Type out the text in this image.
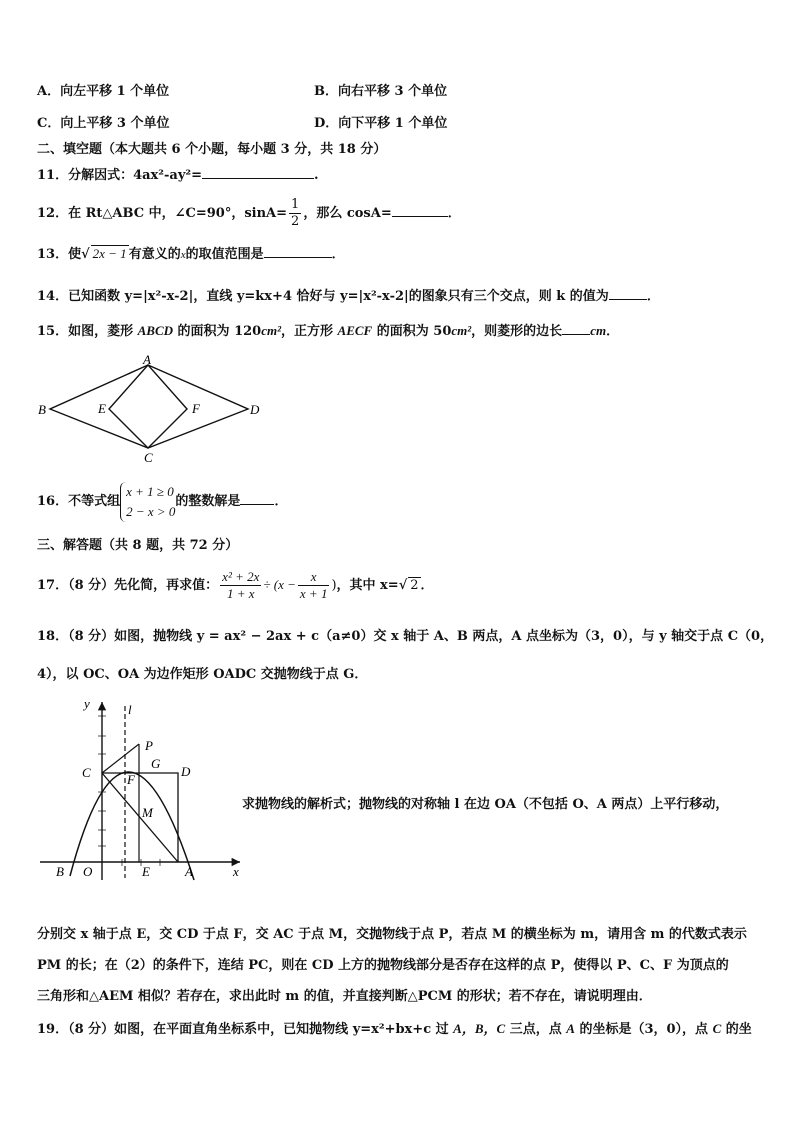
A．向左平移 1 个单位	B．向右平移 3 个单位
C．向上平移 3 个单位	D．向下平移 1 个单位
二、填空题（本大题共 6 个小题，每小题 3 分，共 18 分）
11．分解因式：4ax²-ay²=	.
12．在 Rt△ABC 中，∠C=90°，$\sin A= \frac{1}{2}$ ，那么 cosA=	．
13．使√ 2x − 1 有意义的x的取值范围是	．
14．已知函数 y=|x²-x-2|，直线 y=kx+4 恰好与 y=|x²-x-2|的图象只有三个交点，则 k 的值为	．
15．如图，菱形 ABCD 的面积为 120cm²，正方形 AECF 的面积为 50cm²，则菱形的边长 cm．
A
B
C
D
E	F
16．不等式组
x + 1 ≥ 0
2 − x > 0
的整数解是	．
三、解答题（共 8 题，共 72 分）
17．（8 分）先化简，再求值： $\frac{\text{x² + 2x}}{1 + x} \div (x - \frac{x}{x + 1}$ )，其中 x=√ 2 ．
18．（8 分）如图，抛物线 y = ax² − 2ax + c（a≠0）交 x 轴于 A、B 两点，A 点坐标为（3，0），与 y 轴交于点 C（0，
4），以 OC、OA 为边作矩形 OADC 交抛物线于点 G．
y	l
P
G
D
C	F
M
B O	E	A	x
求抛物线的解析式；抛物线的对称轴 l 在边 OA（不包括 O、A 两点）上平行移动，
分别交 x 轴于点 E，交 CD 于点 F，交 AC 于点 M，交抛物线于点 P，若点 M 的横坐标为 m，请用含 m 的代数式表示
PM 的长；在（2）的条件下，连结 PC，则在 CD 上方的抛物线部分是否存在这样的点 P，使得以 P、C、F 为顶点的
三角形和△AEM 相似？若存在，求出此时 m 的值，并直接判断△PCM 的形状；若不存在，请说明理由．
19．（8 分）如图，在平面直角坐标系中，已知抛物线 y=x²+bx+c 过 A，B，C 三点，点 A 的坐标是（3，0），点 C 的坐
